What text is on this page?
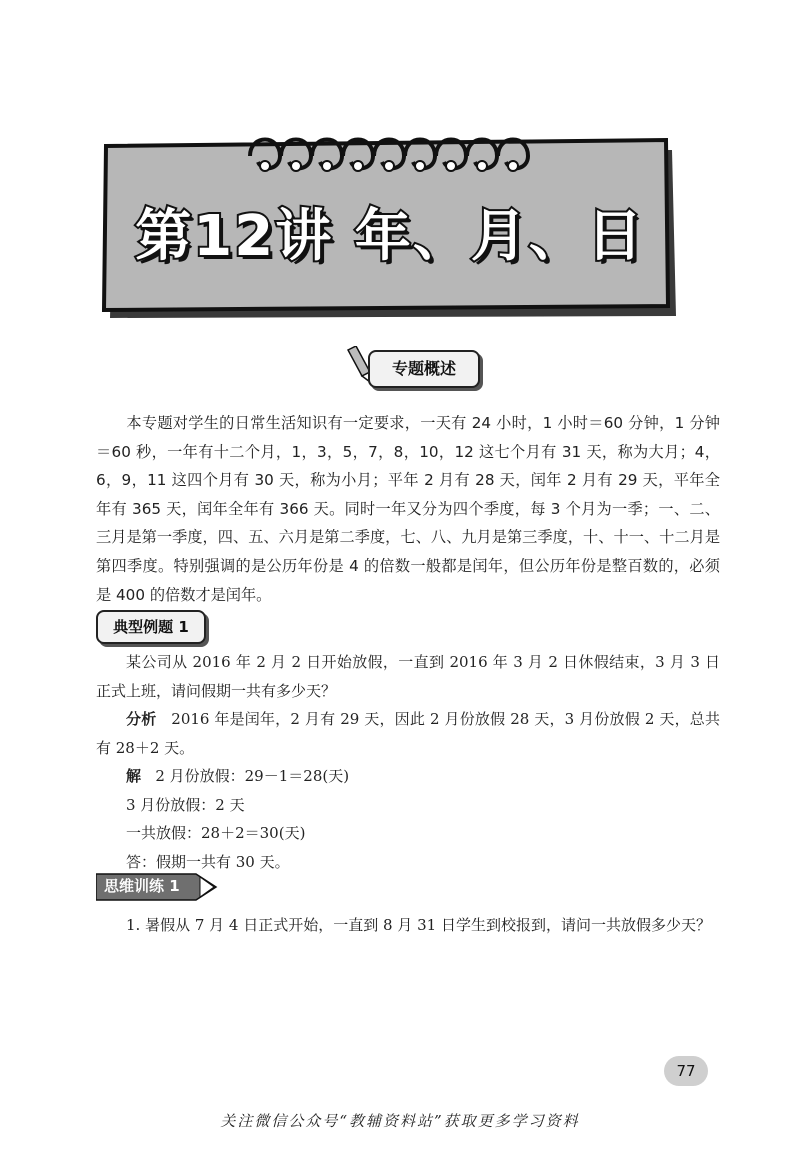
第12讲 年、月、日
专题概述

本专题对学生的日常生活知识有一定要求，一天有 24 小时，1 小时＝60 分钟，1 分钟＝60 秒，一年有十二个月，1，3，5，7，8，10，12 这七个月有 31 天，称为大月；4，6，9，11 这四个月有 30 天，称为小月；平年 2 月有 28 天，闰年 2 月有 29 天，平年全年有 365 天，闰年全年有 366 天。同时一年又分为四个季度，每 3 个月为一季；一、二、三月是第一季度，四、五、六月是第二季度，七、八、九月是第三季度，十、十一、十二月是第四季度。特别强调的是公历年份是 4 的倍数一般都是闰年，但公历年份是整百数的，必须是 400 的倍数才是闰年。

典型例题 1

某公司从 2016 年 2 月 2 日开始放假，一直到 2016 年 3 月 2 日休假结束，3 月 3 日正式上班，请问假期一共有多少天？

分析 2016 年是闰年，2 月有 29 天，因此 2 月份放假 28 天，3 月份放假 2 天，总共有 28＋2 天。

解 2 月份放假：29－1＝28(天)

3 月份放假：2 天

一共放假：28＋2＝30(天)

答：假期一共有 30 天。

思维训练 1

1. 暑假从 7 月 4 日正式开始，一直到 8 月 31 日学生到校报到，请问一共放假多少天？

77
关注微信公众号“教辅资料站”获取更多学习资料
